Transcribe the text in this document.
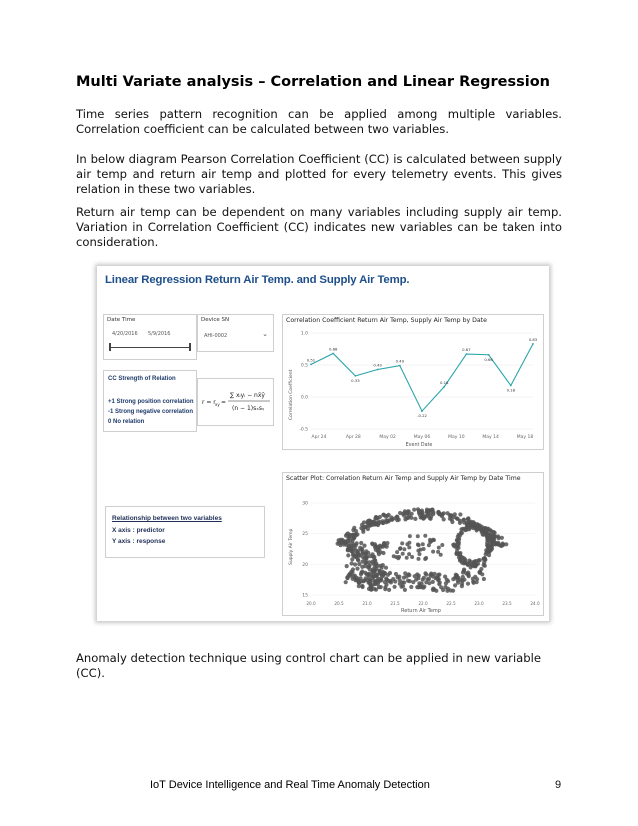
Multi Variate analysis – Correlation and Linear Regression

Time series pattern recognition can be applied among multiple variables. Correlation coefficient can be calculated between two variables.

In below diagram Pearson Correlation Coefficient (CC) is calculated between supply air temp and return air temp and plotted for every telemetry events. This gives relation in these two variables.

Return air temp can be dependent on many variables including supply air temp. Variation in Correlation Coefficient (CC) indicates new variables can be taken into consideration.

Linear Regression Return Air Temp. and Supply Air Temp.
Date Time
4/20/2016 5/9/2016
Device SN
AHI-0002	⌄
CC Strength of Relation
+1 Strong position correlation
-1 Strong negative correlation
0 No relation
r = r xy =
∑ xᵢyᵢ − nx̄ȳ
(n − 1)sₓsᵧ
Relationship between two variables
X axis : predictor
Y axis : response
Correlation Coefficient Return Air Temp, Supply Air Temp by Date
Correlation Coefficient
Event Date
1.0
0.5
0.0
-0.5
Apr 24	Apr 28	May 02	May 06	May 10	May 14	May 18
0.51
0.68
0.33
0.43
0.49
-0.22
0.16
0.67
0.66
0.18
0.83
Scatter Plot: Correlation Return Air Temp and Supply Air Temp by Date Time
Supply Air Temp
Return Air Temp
30
25
20
15
20.0	20.5	21.0	21.5	22.0	22.5	23.0	23.5	24.0

Anomaly detection technique using control chart can be applied in new variable (CC).

IoT Device Intelligence and Real Time Anomaly Detection	9
